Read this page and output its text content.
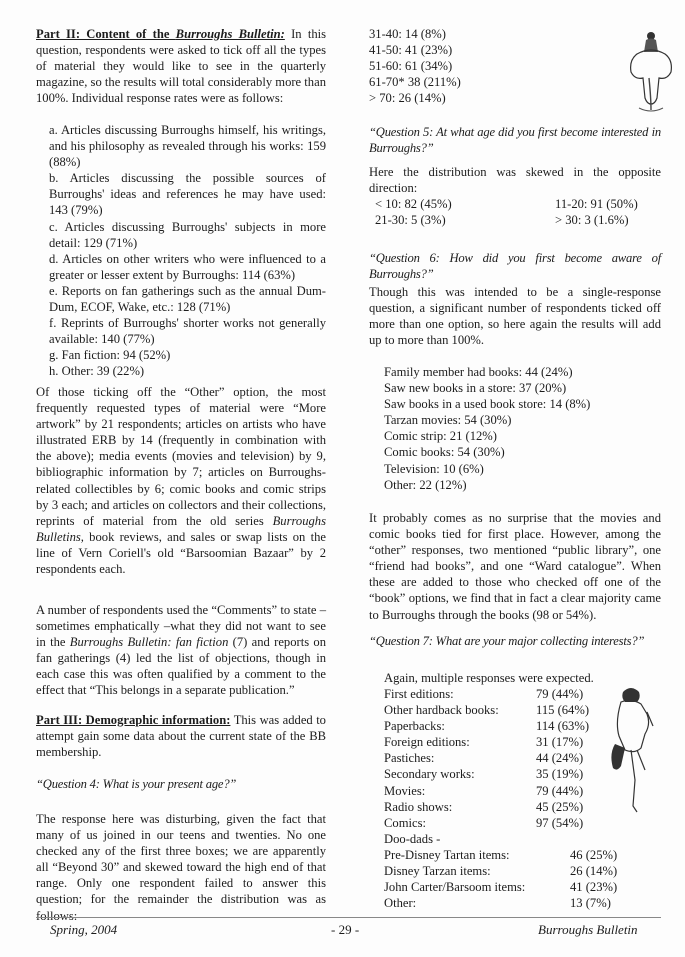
Part II: Content of the Burroughs Bulletin: In this question, respondents were asked to tick off all the types of material they would like to see in the quarterly magazine, so the results will total considerably more than 100%. Individual response rates were as follows:

a. Articles discussing Burroughs himself, his writings, and his philosophy as revealed through his works: 159 (88%)

b. Articles discussing the possible sources of Burroughs' ideas and references he may have used: 143 (79%)

c. Articles discussing Burroughs' subjects in more detail: 129 (71%)

d. Articles on other writers who were influenced to a greater or lesser extent by Burroughs: 114 (63%)

e. Reports on fan gatherings such as the annual Dum-Dum, ECOF, Wake, etc.: 128 (71%)

f. Reprints of Burroughs' shorter works not generally available: 140 (77%)

g. Fan fiction: 94 (52%)

h. Other: 39 (22%)

Of those ticking off the “Other” option, the most frequently requested types of material were “More artwork” by 21 respondents; articles on artists who have illustrated ERB by 14 (frequently in combination with the above); media events (movies and television) by 9, bibliographic information by 7; articles on Burroughs-related collectibles by 6; comic books and comic strips by 3 each; and articles on collectors and their collections, reprints of material from the old series Burroughs Bulletins, book reviews, and sales or swap lists on the line of Vern Coriell's old “Barsoomian Bazaar” by 2 respondents each.

A number of respondents used the “Comments” to state – sometimes emphatically –what they did not want to see in the Burroughs Bulletin: fan fiction (7) and reports on fan gatherings (4) led the list of objections, though in each case this was often qualified by a comment to the effect that “This belongs in a separate publication.”

Part III: Demographic information: This was added to attempt gain some data about the current state of the BB membership.

“Question 4: What is your present age?”

The response here was disturbing, given the fact that many of us joined in our teens and twenties. No one checked any of the first three boxes; we are apparently all “Beyond 30” and skewed toward the high end of that range. Only one respondent failed to answer this question; for the remainder the distribution was as follows:

31-40: 14 (8%)
41-50: 41 (23%)
51-60: 61 (34%)
61-70* 38 (211%)
> 70: 26 (14%)

“Question 5: At what age did you first become interested in Burroughs?”

Here the distribution was skewed in the opposite direction:

< 10: 82 (45%)	11-20: 91 (50%)
21-30: 5 (3%)	> 30: 3 (1.6%)

“Question 6: How did you first become aware of Burroughs?”

Though this was intended to be a single-response question, a significant number of respondents ticked off more than one option, so here again the results will add up to more than 100%.

Family member had books: 44 (24%)
Saw new books in a store: 37 (20%)
Saw books in a used book store: 14 (8%)
Tarzan movies: 54 (30%)
Comic strip: 21 (12%)
Comic books: 54 (30%)
Television: 10 (6%)
Other: 22 (12%)

It probably comes as no surprise that the movies and comic books tied for first place. However, among the “other” responses, two mentioned “public library”, one “friend had books”, and one “Ward catalogue”. When these are added to those who checked off one of the “book” options, we find that in fact a clear majority came to Burroughs through the books (98 or 54%).

“Question 7: What are your major collecting interests?”

Again, multiple responses were expected.
First editions:	79 (44%)
Other hardback books:	115 (64%)
Paperbacks:	114 (63%)
Foreign editions:	31 (17%)
Pastiches:	44 (24%)
Secondary works:	35 (19%)
Movies:	79 (44%)
Radio shows:	45 (25%)
Comics:	97 (54%)
Doo-dads -
Pre-Disney Tartan items:	46 (25%)
Disney Tarzan items:	26 (14%)
John Carter/Barsoom items:	41 (23%)
Other:	13 (7%)
Spring, 2004	- 29 -	Burroughs Bulletin
